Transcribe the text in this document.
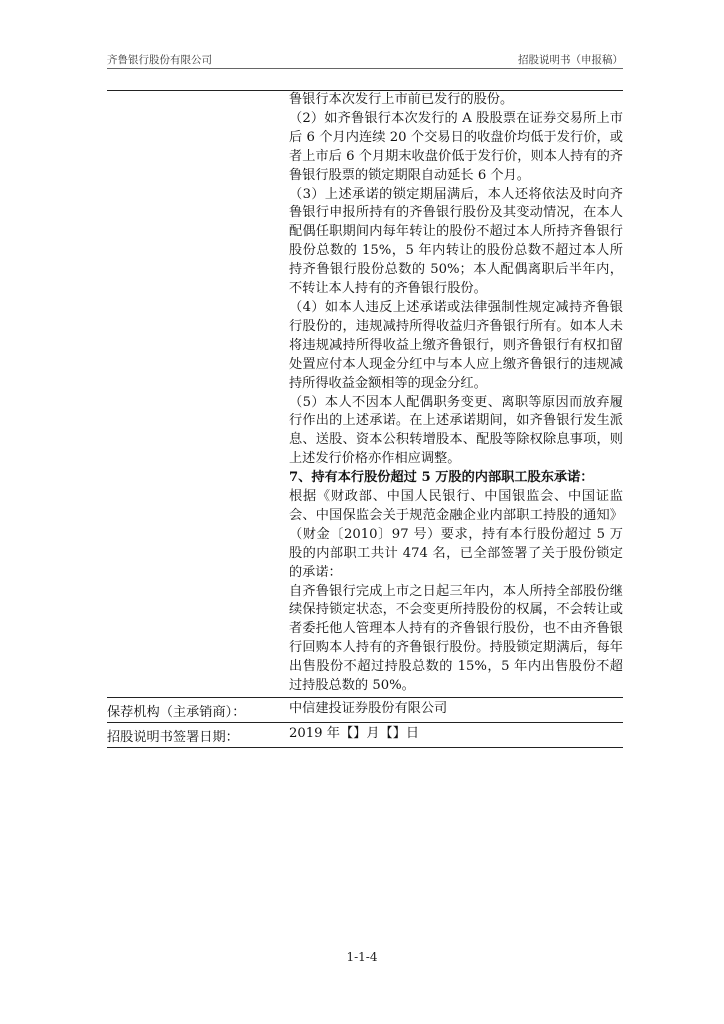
齐鲁银行股份有限公司	招股说明书（申报稿）

鲁银行本次发行上市前已发行的股份。

（2）如齐鲁银行本次发行的 A 股股票在证券交易所上市后 6 个月内连续 20 个交易日的收盘价均低于发行价，或者上市后 6 个月期末收盘价低于发行价，则本人持有的齐鲁银行股票的锁定期限自动延长 6 个月。

（3）上述承诺的锁定期届满后，本人还将依法及时向齐鲁银行申报所持有的齐鲁银行股份及其变动情况，在本人配偶任职期间内每年转让的股份不超过本人所持齐鲁银行股份总数的 15%，5 年内转让的股份总数不超过本人所持齐鲁银行股份总数的 50%；本人配偶离职后半年内，不转让本人持有的齐鲁银行股份。

（4）如本人违反上述承诺或法律强制性规定减持齐鲁银行股份的，违规减持所得收益归齐鲁银行所有。如本人未将违规减持所得收益上缴齐鲁银行，则齐鲁银行有权扣留处置应付本人现金分红中与本人应上缴齐鲁银行的违规减持所得收益金额相等的现金分红。

（5）本人不因本人配偶职务变更、离职等原因而放弃履行作出的上述承诺。在上述承诺期间，如齐鲁银行发生派息、送股、资本公积转增股本、配股等除权除息事项，则上述发行价格亦作相应调整。

7、持有本行股份超过 5 万股的内部职工股东承诺：

根据《财政部、中国人民银行、中国银监会、中国证监会、中国保监会关于规范金融企业内部职工持股的通知》（财金〔2010〕97 号）要求，持有本行股份超过 5 万股的内部职工共计 474 名，已全部签署了关于股份锁定的承诺：

自齐鲁银行完成上市之日起三年内，本人所持全部股份继续保持锁定状态，不会变更所持股份的权属，不会转让或者委托他人管理本人持有的齐鲁银行股份，也不由齐鲁银行回购本人持有的齐鲁银行股份。持股锁定期满后，每年出售股份不超过持股总数的 15%，5 年内出售股份不超过持股总数的 50%。

保荐机构（主承销商）：	中信建投证券股份有限公司
招股说明书签署日期：	2019 年【】月【】日
1-1-4
